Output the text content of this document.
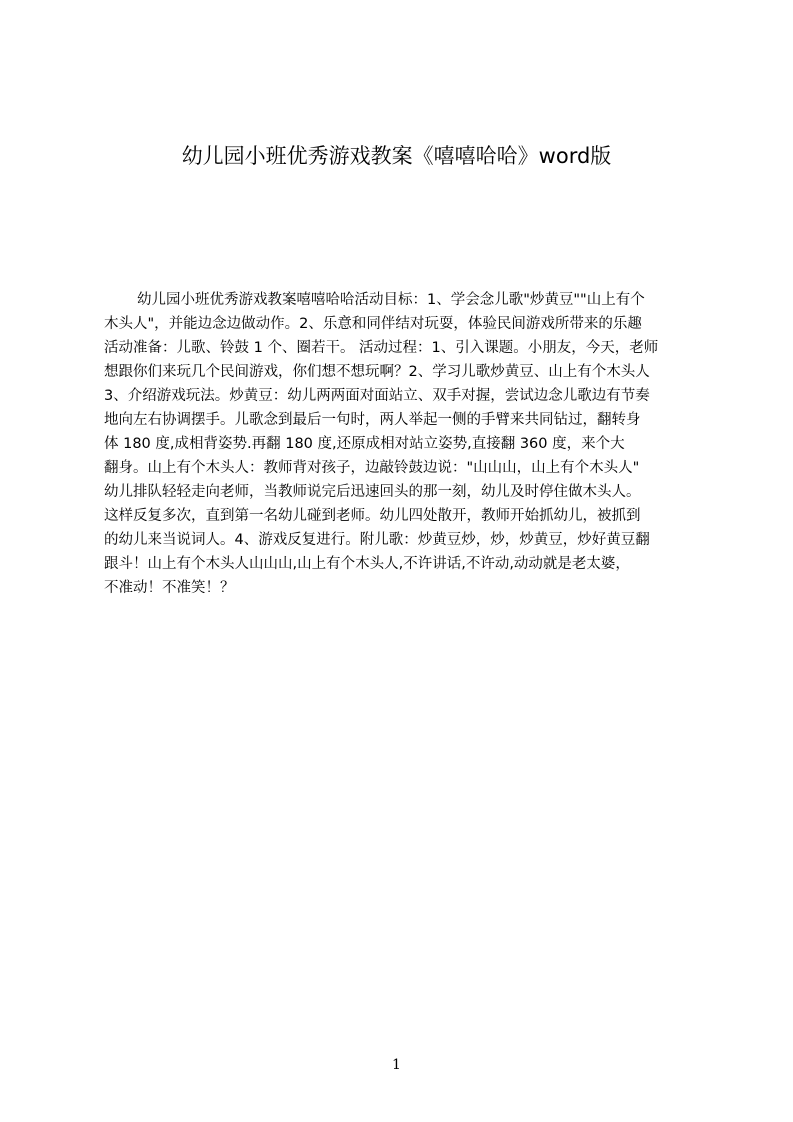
幼儿园小班优秀游戏教案《嘻嘻哈哈》word版
幼儿园小班优秀游戏教案嘻嘻哈哈活动目标：1、学会念儿歌"炒黄豆""山上有个
木头人"，并能边念边做动作。2、乐意和同伴结对玩耍，体验民间游戏所带来的乐趣
活动准备：儿歌、铃鼓 1 个、圈若干。 活动过程：1、引入课题。小朋友，今天，老师
想跟你们来玩几个民间游戏，你们想不想玩啊？2、学习儿歌炒黄豆、山上有个木头人
3、介绍游戏玩法。炒黄豆：幼儿两两面对面站立、双手对握，尝试边念儿歌边有节奏
地向左右协调摆手。儿歌念到最后一句时，两人举起一侧的手臂来共同钻过，翻转身
体 180 度,成相背姿势.再翻 180 度,还原成相对站立姿势,直接翻 360 度，来个大
翻身。山上有个木头人：教师背对孩子，边敲铃鼓边说："山山山，山上有个木头人"
幼儿排队轻轻走向老师，当教师说完后迅速回头的那一刻，幼儿及时停住做木头人。
这样反复多次，直到第一名幼儿碰到老师。幼儿四处散开，教师开始抓幼儿，被抓到
的幼儿来当说词人。4、游戏反复进行。附儿歌：炒黄豆炒，炒，炒黄豆，炒好黄豆翻
跟斗！山上有个木头人山山山,山上有个木头人,不许讲话,不许动,动动就是老太婆，
不准动！不准笑！？
1
